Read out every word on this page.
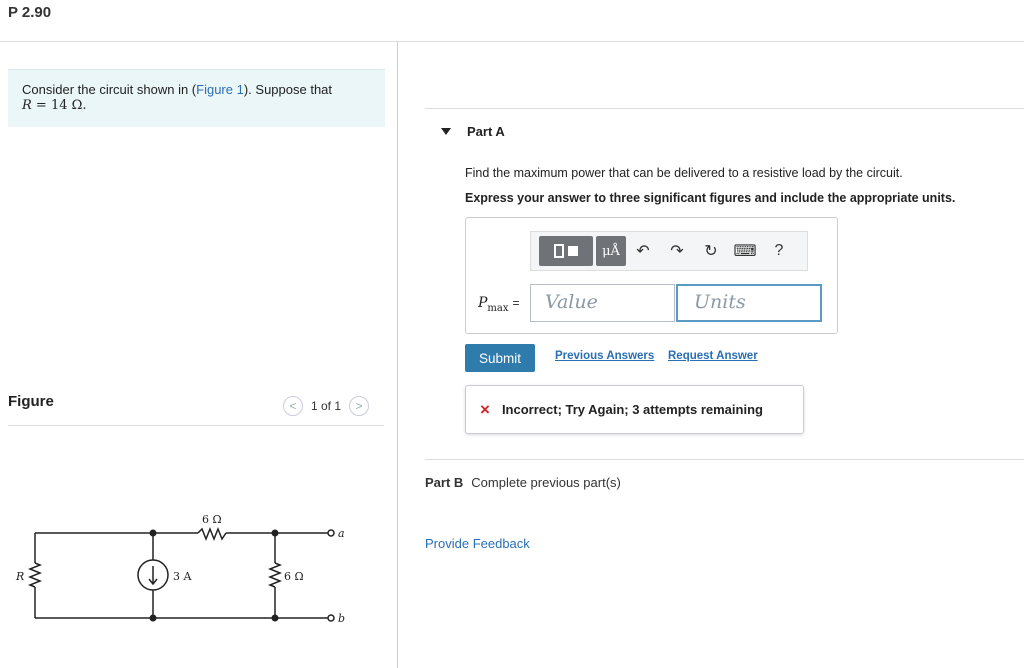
P 2.90
Consider the circuit shown in (Figure 1). Suppose that
R = 14 Ω.
Figure	<	1 of 1	>
6 Ω
R	3 A	6 Ω
a
b
Part A
Find the maximum power that can be delivered to a resistive load by the circuit.
Express your answer to three significant figures and include the appropriate units.
μÅ	↶	↷	↻ ⌨	?
$P_{max}$ =	Value	Units
Submit	Previous Answers Request Answer
× Incorrect; Try Again; 3 attempts remaining
Part B Complete previous part(s)
Provide Feedback
